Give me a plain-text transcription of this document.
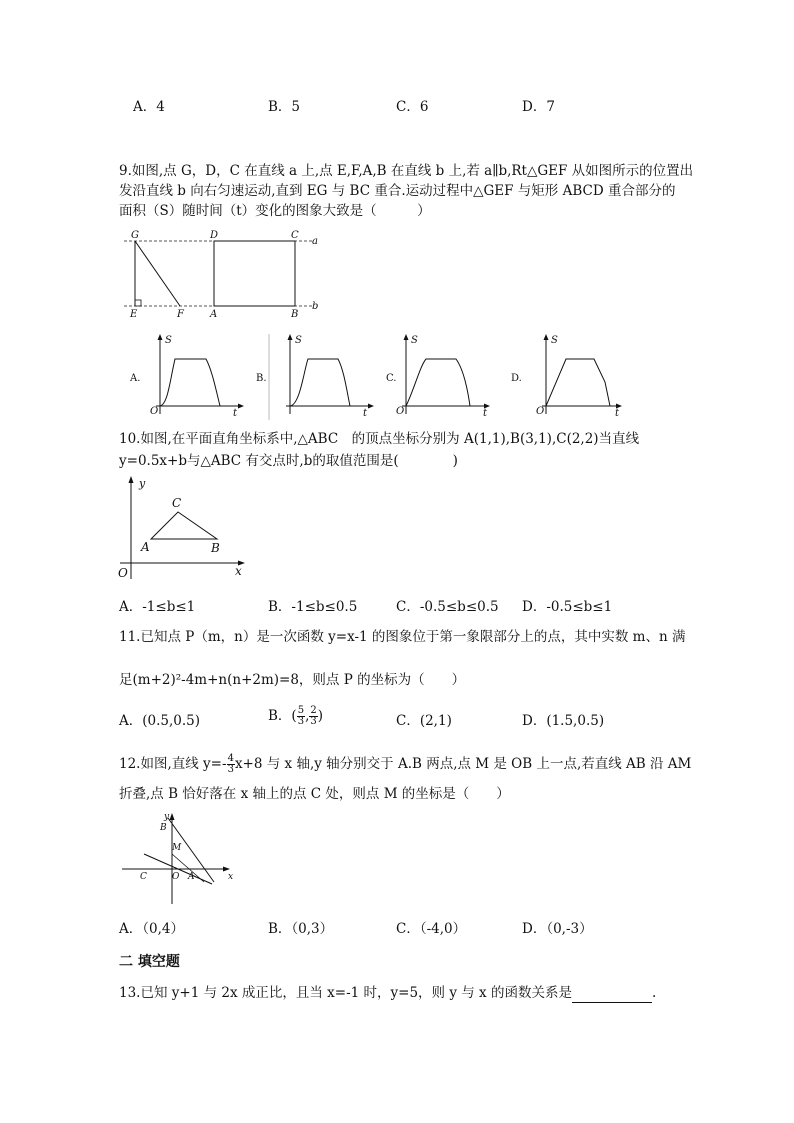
A．4	B．5	C．6	D．7
9.如图,点 G，D，C 在直线 a 上,点 E,F,A,B 在直线 b 上,若 a∥b,Rt△GEF 从如图所示的位置出
发沿直线 b 向右匀速运动,直到 EG 与 BC 重合.运动过程中△GEF 与矩形 ABCD 重合部分的
面积（S）随时间（t）变化的图象大致是（　　　）
G	D	C
a
E	F	A	B
b
S
t
O
A.
S
t
B.
S
t
O
C.
S
t
O
D.
10.如图,在平面直角坐标系中,△ABC　的顶点坐标分别为 A(1,1),B(3,1),C(2,2)当直线
y=0.5x+b与△ABC 有交点时,b的取值范围是(　　　　)
y
x
O
A	B
C
A．-1≤b≤1	B．-1≤b≤0.5	C．-0.5≤b≤0.5 D．-0.5≤b≤1
11.已知点 P（m，n）是一次函数 y=x-1 的图象位于第一象限部分上的点，其中实数 m、n 满
足(m+2)²-4m+n(n+2m)=8，则点 P 的坐标为（　　）
A．(0.5,0.5)	B．( $\frac{5}{3}$ , $\frac{2}{3}$ )	C．(2,1)	D．(1.5,0.5)
12.如图,直线 $y=- \frac{4}{3} x+8$ 与 x 轴,y 轴分别交于 A.B 两点,点 M 是 OB 上一点,若直线 AB 沿 AM
折叠,点 B 恰好落在 x 轴上的点 C 处，则点 M 的坐标是（　　）
y
x
B
M
C	O A
A．（0,4）	B．（0,3）	C．（-4,0）	D．（0,-3）
二 填空题
13.已知 y+1 与 2x 成正比，且当 x=-1 时，y=5，则 y 与 x 的函数关系是	.
